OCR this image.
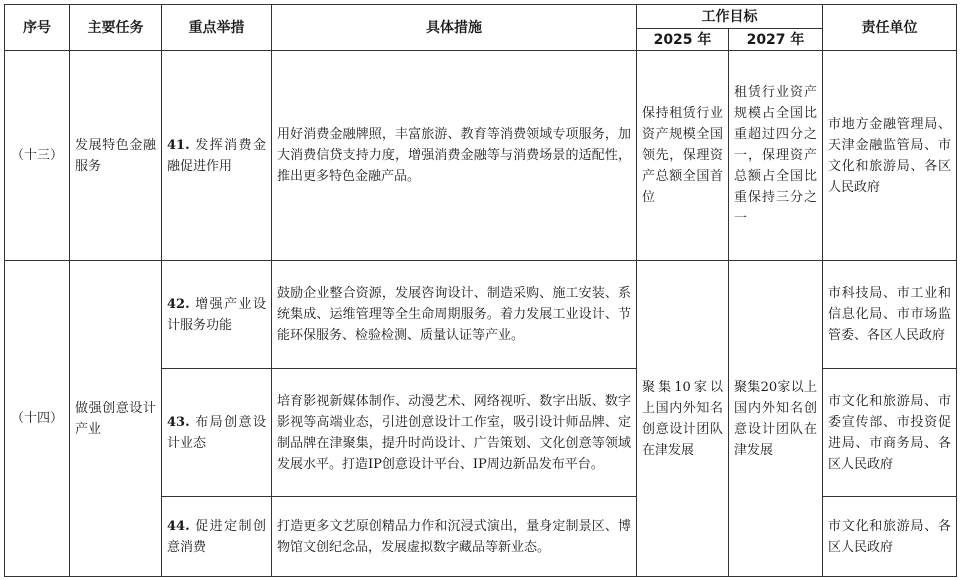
序号	主要任务	重点举措	具体措施	工作目标		责任单位
				2025 年	2027 年	
（十三）	发展特色金融服务	41. 发挥消费金融促进作用	用好消费金融牌照，丰富旅游、教育等消费领域专项服务，加大消费信贷支持力度，增强消费金融等与消费场景的适配性，推出更多特色金融产品。	保持租赁行业资产规模全国领先，保理资产总额全国首位	租赁行业资产规模占全国比重超过四分之一，保理资产总额占全国比重保持三分之一	市地方金融管理局、天津金融监管局、市文化和旅游局、各区人民政府
（十四）	做强创意设计产业	42. 增强产业设计服务功能	鼓励企业整合资源，发展咨询设计、制造采购、施工安装、系统集成、运维管理等全生命周期服务。着力发展工业设计、节能环保服务、检验检测、质量认证等产业。	聚集10家以上国内外知名创意设计团队在津发展	聚集20家以上国内外知名创意设计团队在津发展	市科技局、市工业和信息化局、市市场监管委、各区人民政府
		43. 布局创意设计业态	培育影视新媒体制作、动漫艺术、网络视听、数字出版、数字影视等高端业态，引进创意设计工作室，吸引设计师品牌、定制品牌在津聚集，提升时尚设计、广告策划、文化创意等领域发展水平。打造IP创意设计平台、IP周边新品发布平台。			市文化和旅游局、市委宣传部、市投资促进局、市商务局、各区人民政府
		44. 促进定制创意消费	打造更多文艺原创精品力作和沉浸式演出，量身定制景区、博物馆文创纪念品，发展虚拟数字藏品等新业态。			市文化和旅游局、各区人民政府
